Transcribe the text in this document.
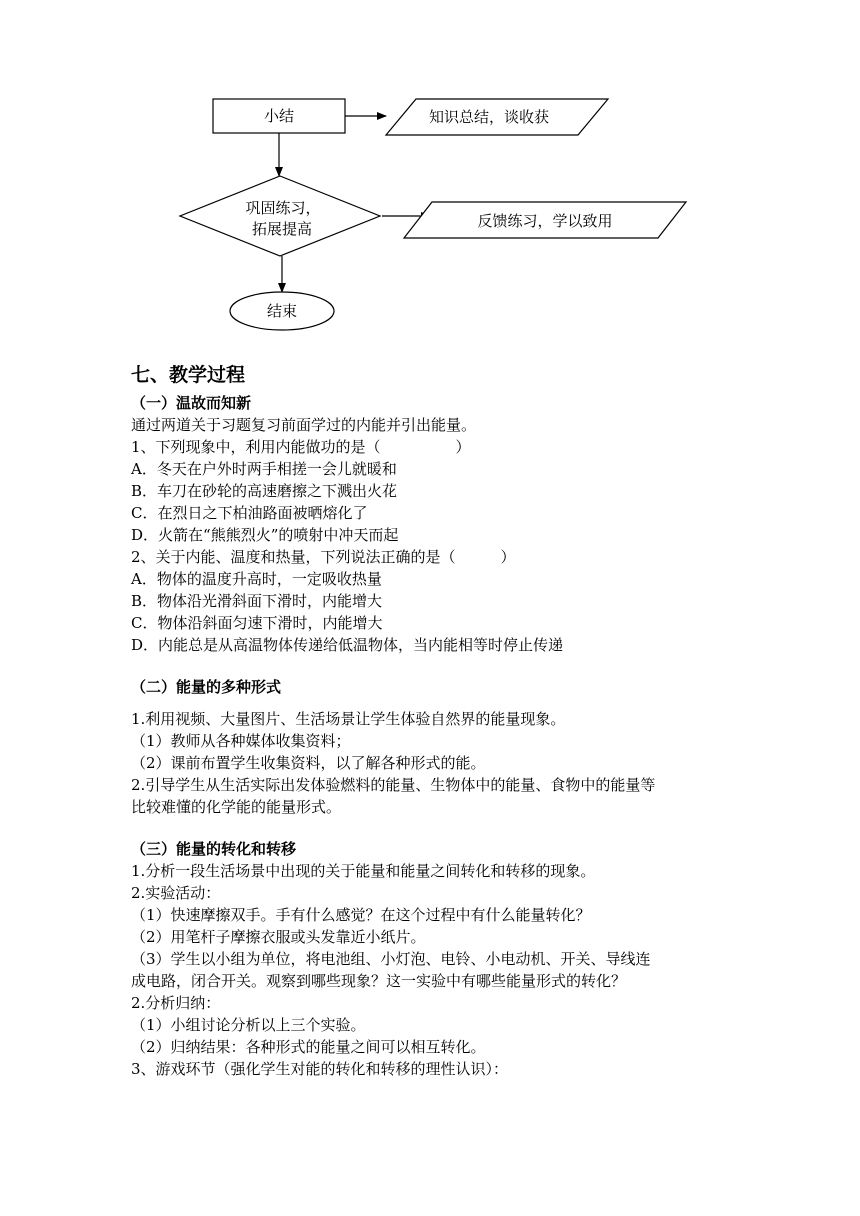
小结	知识总结，谈收获
巩固练习，
拓展提高	反馈练习，学以致用
结束
七、教学过程
（一）温故而知新
通过两道关于习题复习前面学过的内能并引出能量。
1、下列现象中，利用内能做功的是（　　　　　）
A．冬天在户外时两手相搓一会儿就暖和
B．车刀在砂轮的高速磨擦之下溅出火花
C．在烈日之下柏油路面被晒熔化了
D．火箭在“熊熊烈火”的喷射中冲天而起
2、关于内能、温度和热量，下列说法正确的是（　　　）
A．物体的温度升高时，一定吸收热量
B．物体沿光滑斜面下滑时，内能增大
C．物体沿斜面匀速下滑时，内能增大
D．内能总是从高温物体传递给低温物体，当内能相等时停止传递
（二）能量的多种形式
1.利用视频、大量图片、生活场景让学生体验自然界的能量现象。
（1）教师从各种媒体收集资料；
（2）课前布置学生收集资料，以了解各种形式的能。
2.引导学生从生活实际出发体验燃料的能量、生物体中的能量、食物中的能量等
比较难懂的化学能的能量形式。
（三）能量的转化和转移
1.分析一段生活场景中出现的关于能量和能量之间转化和转移的现象。
2.实验活动：
（1）快速摩擦双手。手有什么感觉？在这个过程中有什么能量转化？
（2）用笔杆子摩擦衣服或头发靠近小纸片。
（3）学生以小组为单位，将电池组、小灯泡、电铃、小电动机、开关、导线连
成电路，闭合开关。观察到哪些现象？这一实验中有哪些能量形式的转化？
2.分析归纳：
（1）小组讨论分析以上三个实验。
（2）归纳结果：各种形式的能量之间可以相互转化。
3、游戏环节（强化学生对能的转化和转移的理性认识）：
